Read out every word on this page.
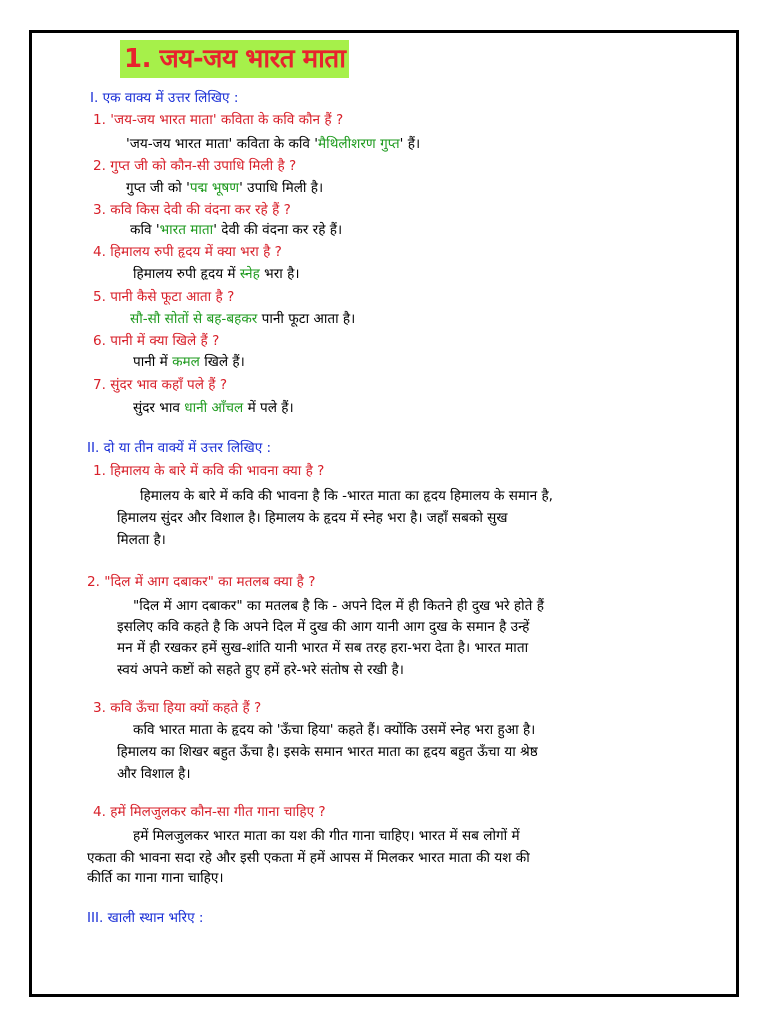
1. जय-जय भारत माता
I. एक वाक्य में उत्तर लिखिए :
1. 'जय-जय भारत माता' कविता के कवि कौन हैं ?
'जय-जय भारत माता' कविता के कवि 'मैथिलीशरण गुप्त' हैं।
2. गुप्त जी को कौन-सी उपाधि मिली है ?
गुप्त जी को 'पद्म भूषण' उपाधि मिली है।
3. कवि किस देवी की वंदना कर रहे हैं ?
कवि 'भारत माता' देवी की वंदना कर रहे हैं।
4. हिमालय रुपी हृदय में क्या भरा है ?
हिमालय रुपी हृदय में स्नेह भरा है।
5. पानी कैसे फूटा आता है ?
सौ-सौ सोतों से बह-बहकर पानी फूटा आता है।
6. पानी में क्या खिले हैं ?
पानी में कमल खिले हैं।
7. सुंदर भाव कहाँ पले हैं ?
सुंदर भाव धानी आँचल में पले हैं।
II. दो या तीन वाक्यें में उत्तर लिखिए :
1. हिमालय के बारे में कवि की भावना क्या है ?
हिमालय के बारे में कवि की भावना है कि -भारत माता का हृदय हिमालय के समान है,
हिमालय सुंदर और विशाल है। हिमालय के हृदय में स्नेह भरा है। जहाँ सबको सुख
मिलता है।
2. "दिल में आग दबाकर" का मतलब क्या है ?
"दिल में आग दबाकर" का मतलब है कि - अपने दिल में ही कितने ही दुख भरे होते हैं
इसलिए कवि कहते है कि अपने दिल में दुख की आग यानी आग दुख के समान है उन्हें
मन में ही रखकर हमें सुख-शांति यानी भारत में सब तरह हरा-भरा देता है। भारत माता
स्वयं अपने कष्टों को सहते हुए हमें हरे-भरे संतोष से रखी है।
3. कवि ऊँचा हिया क्यों कहते हैं ?
कवि भारत माता के हृदय को 'ऊँचा हिया' कहते हैं। क्योंकि उसमें स्नेह भरा हुआ है।
हिमालय का शिखर बहुत ऊँचा है। इसके समान भारत माता का हृदय बहुत ऊँचा या श्रेष्ठ
और विशाल है।
4. हमें मिलजुलकर कौन-सा गीत गाना चाहिए ?
हमें मिलजुलकर भारत माता का यश की गीत गाना चाहिए। भारत में सब लोगों में
एकता की भावना सदा रहे और इसी एकता में हमें आपस में मिलकर भारत माता की यश की
कीर्ति का गाना गाना चाहिए।
III. खाली स्थान भरिए :
